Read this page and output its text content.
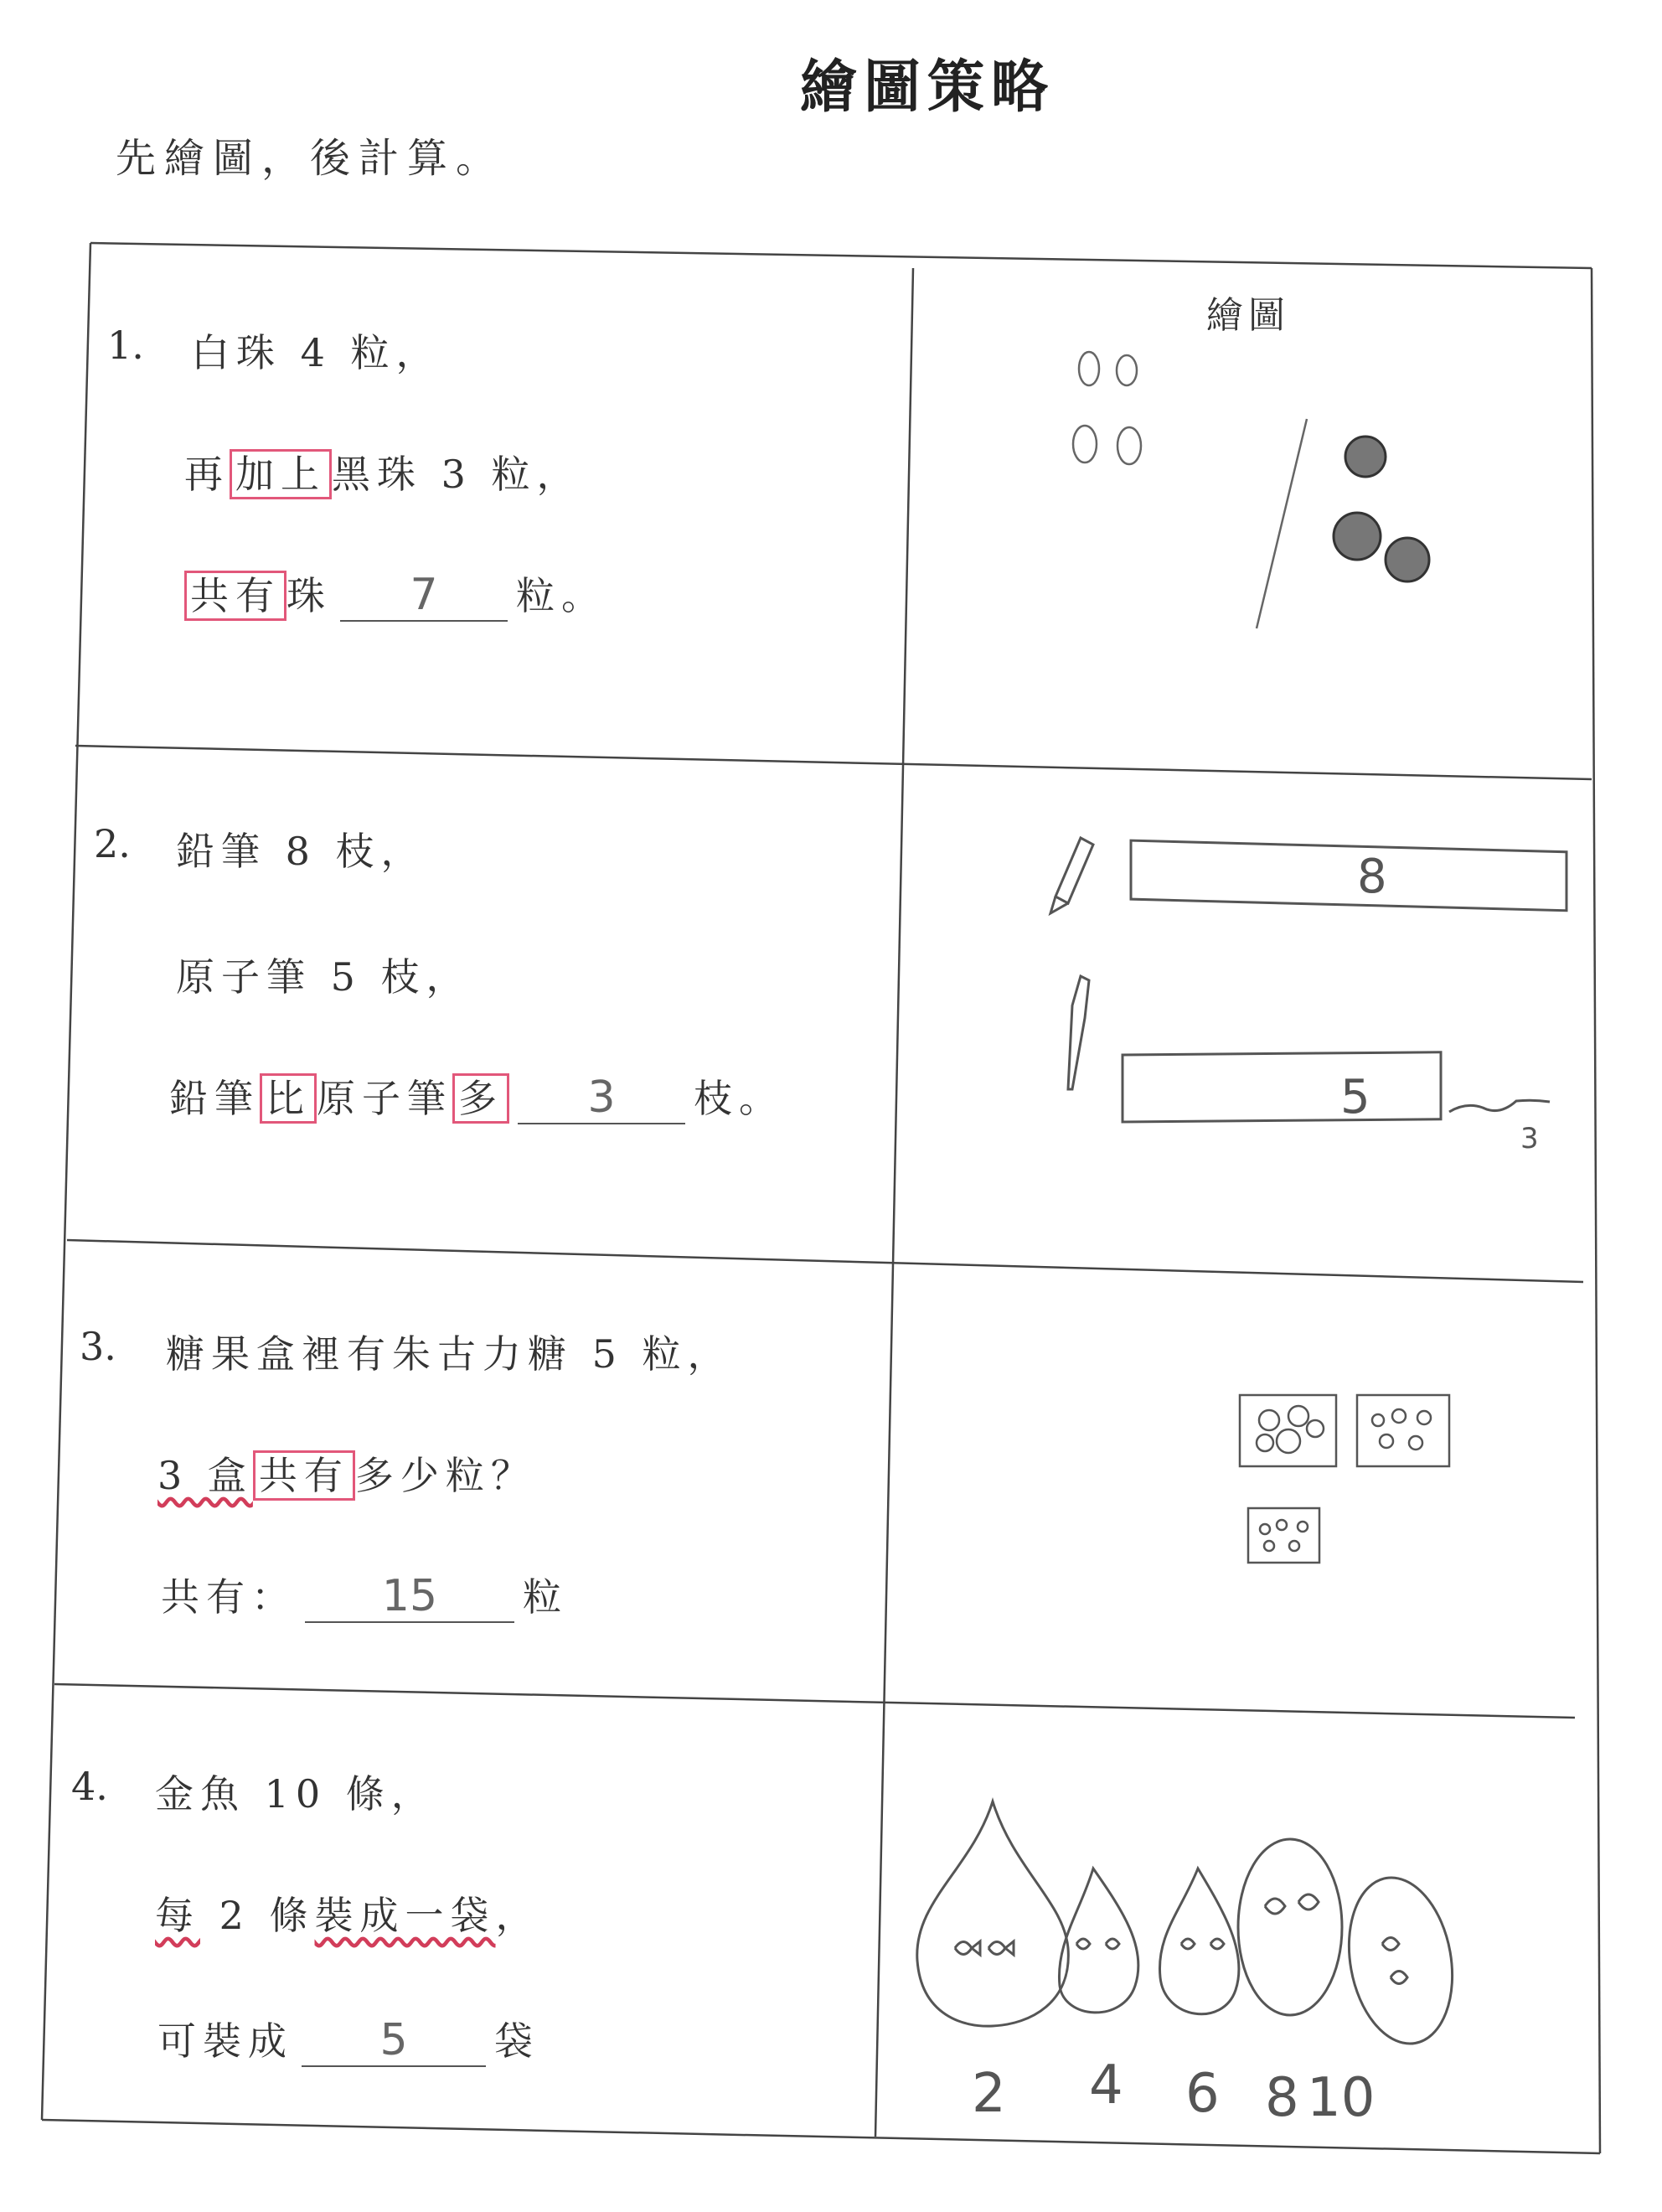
繪圖策略
先繪圖，後計算。
繪圖
1. 白珠 4 粒，
再 加上 黑珠 3 粒，
共有 珠 7 粒。
2. 鉛筆 8 枝，
原子筆 5 枝，
鉛筆 比 原子筆 多 3 枝。
8
5
3
3. 糖果盒裡有朱古力糖 5 粒，
3 盒 共有 多少粒？
共有： 15 粒
4. 金魚 10 條，
每 2 條裝成一袋，
可裝成 5 袋
2 4 6 8 10
